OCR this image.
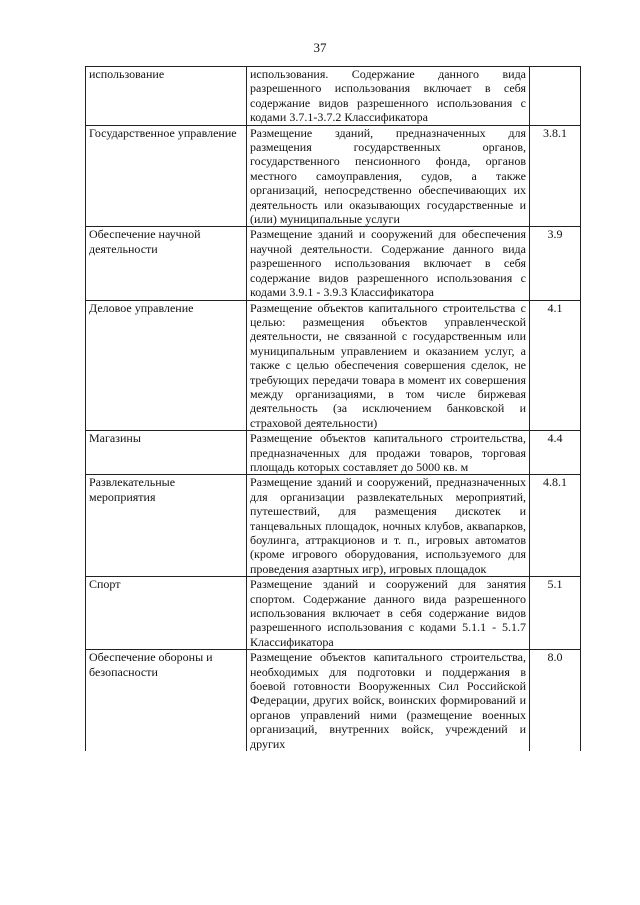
37
использование	использования. Содержание данного вида разрешенного использования включает в себя содержание видов разрешенного использования с кодами 3.7.1-3.7.2 Классификатора	
Государственное управление	Размещение зданий, предназначенных для размещения государственных органов, государственного пенсионного фонда, органов местного самоуправления, судов, а также организаций, непосредственно обеспечивающих их деятельность или оказывающих государственные и (или) муниципальные услуги	3.8.1
Обеспечение научной деятельности	Размещение зданий и сооружений для обеспечения научной деятельности. Содержание данного вида разрешенного использования включает в себя содержание видов разрешенного использования с кодами 3.9.1 - 3.9.3 Классификатора	3.9
Деловое управление	Размещение объектов капитального строительства с целью: размещения объектов управленческой деятельности, не связанной с государственным или муниципальным управлением и оказанием услуг, а также с целью обеспечения совершения сделок, не требующих передачи товара в момент их совершения между организациями, в том числе биржевая деятельность (за исключением банковской и страховой деятельности)	4.1
Магазины	Размещение объектов капитального строительства, предназначенных для продажи товаров, торговая площадь которых составляет до 5000 кв. м	4.4
Развлекательные мероприятия	Размещение зданий и сооружений, предназначенных для организации развлекательных мероприятий, путешествий, для размещения дискотек и танцевальных площадок, ночных клубов, аквапарков, боулинга, аттракционов и т. п., игровых автоматов (кроме игрового оборудования, используемого для проведения азартных игр), игровых площадок	4.8.1
Спорт	Размещение зданий и сооружений для занятия спортом. Содержание данного вида разрешенного использования включает в себя содержание видов разрешенного использования с кодами 5.1.1 - 5.1.7 Классификатора	5.1
Обеспечение обороны и безопасности	Размещение объектов капитального строительства, необходимых для подготовки и поддержания в боевой готовности Вооруженных Сил Российской Федерации, других войск, воинских формирований и органов управлений ними (размещение военных организаций, внутренних войск, учреждений и других	8.0
